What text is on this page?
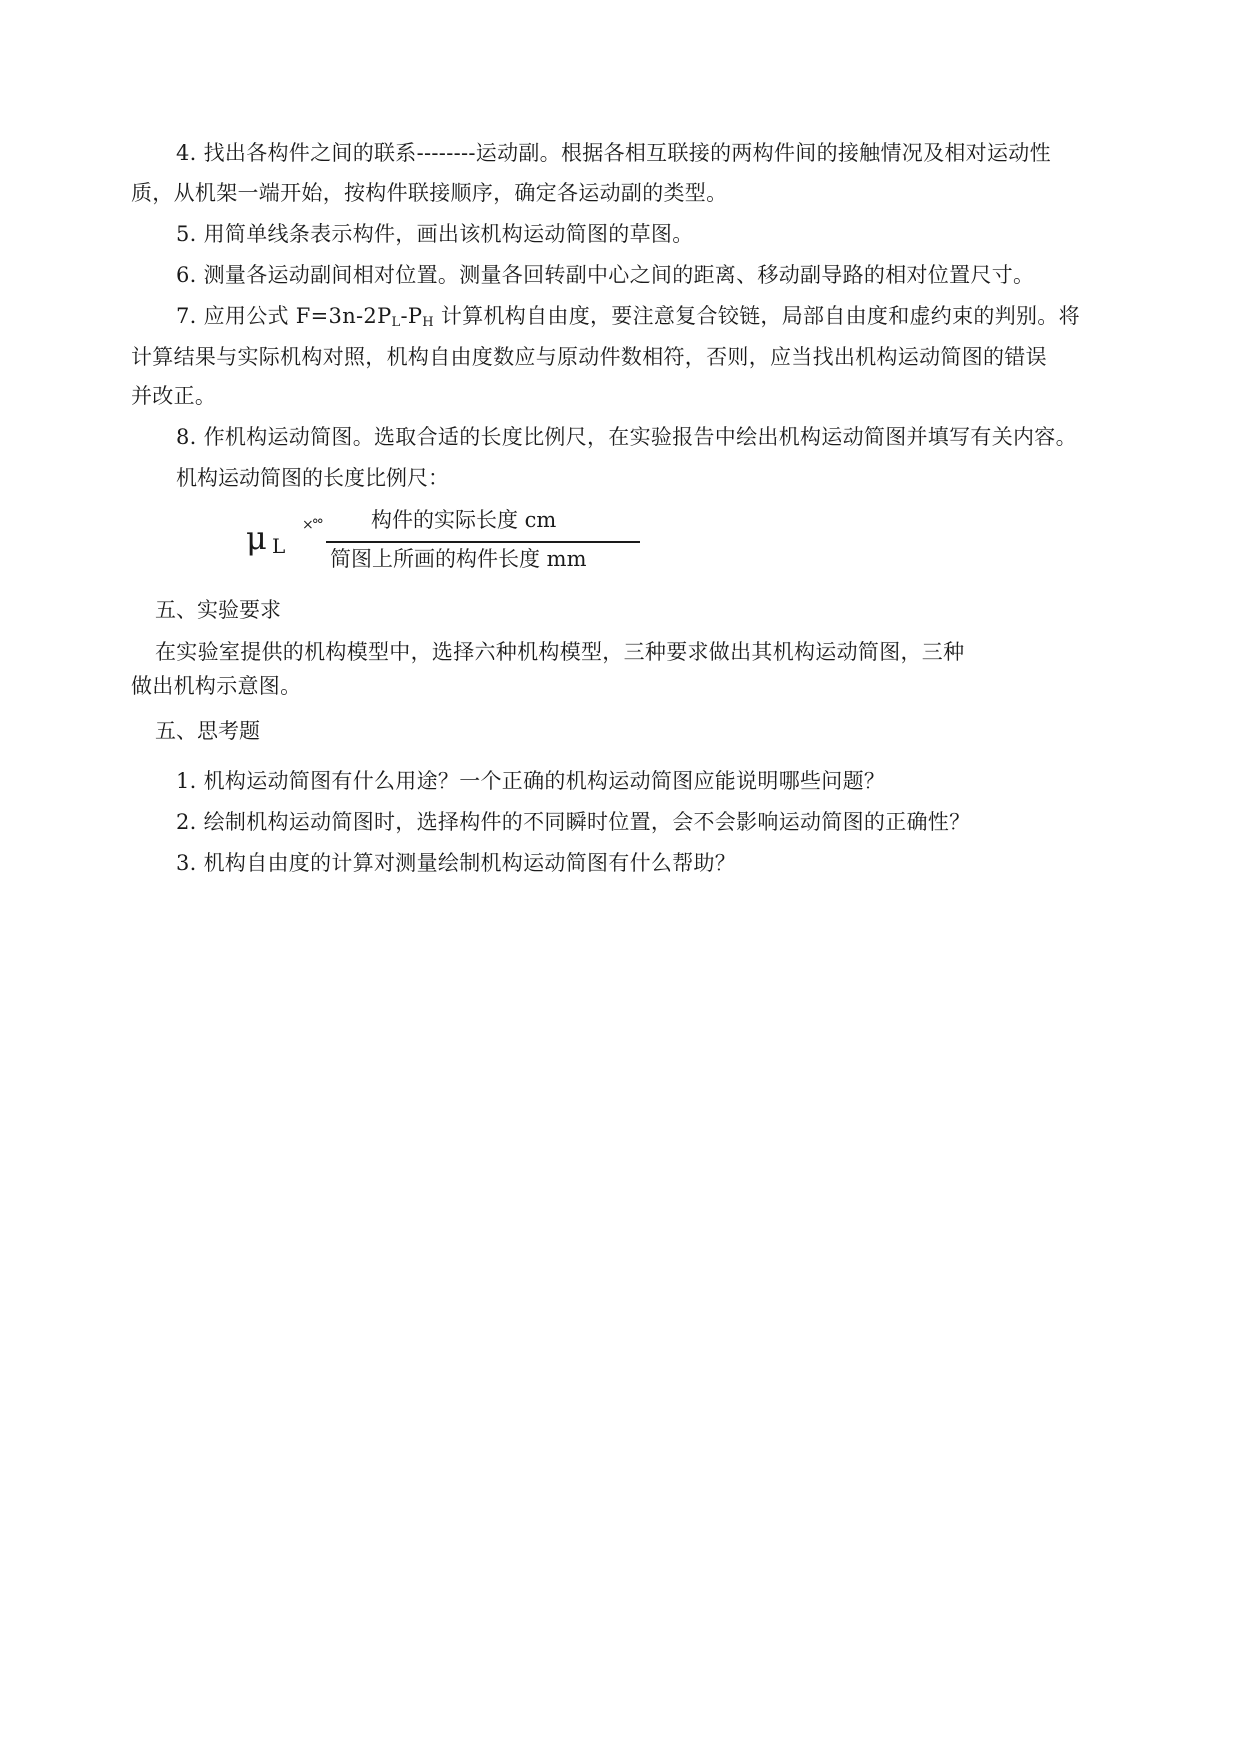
4. 找出各构件之间的联系--------运动副。根据各相互联接的两构件间的接触情况及相对运动性
质，从机架一端开始，按构件联接顺序，确定各运动副的类型。
5. 用简单线条表示构件，画出该机构运动简图的草图。
6. 测量各运动副间相对位置。测量各回转副中心之间的距离、移动副导路的相对位置尺寸。
7. 应用公式 $F=3n-2P_L-P_H$ 计算机构自由度，要注意复合铰链，局部自由度和虚约束的判别。将
计算结果与实际机构对照，机构自由度数应与原动件数相符，否则，应当找出机构运动简图的错误
并改正。
8. 作机构运动简图。选取合适的长度比例尺，在实验报告中绘出机构运动简图并填写有关内容。
机构运动简图的长度比例尺：
μ L
×°° 构件的实际长度 cm
简图上所画的构件长度 mm
五、实验要求
在实验室提供的机构模型中，选择六种机构模型，三种要求做出其机构运动简图，三种
做出机构示意图。
五、思考题
1. 机构运动简图有什么用途？一个正确的机构运动简图应能说明哪些问题？
2. 绘制机构运动简图时，选择构件的不同瞬时位置，会不会影响运动简图的正确性？
3. 机构自由度的计算对测量绘制机构运动简图有什么帮助？
